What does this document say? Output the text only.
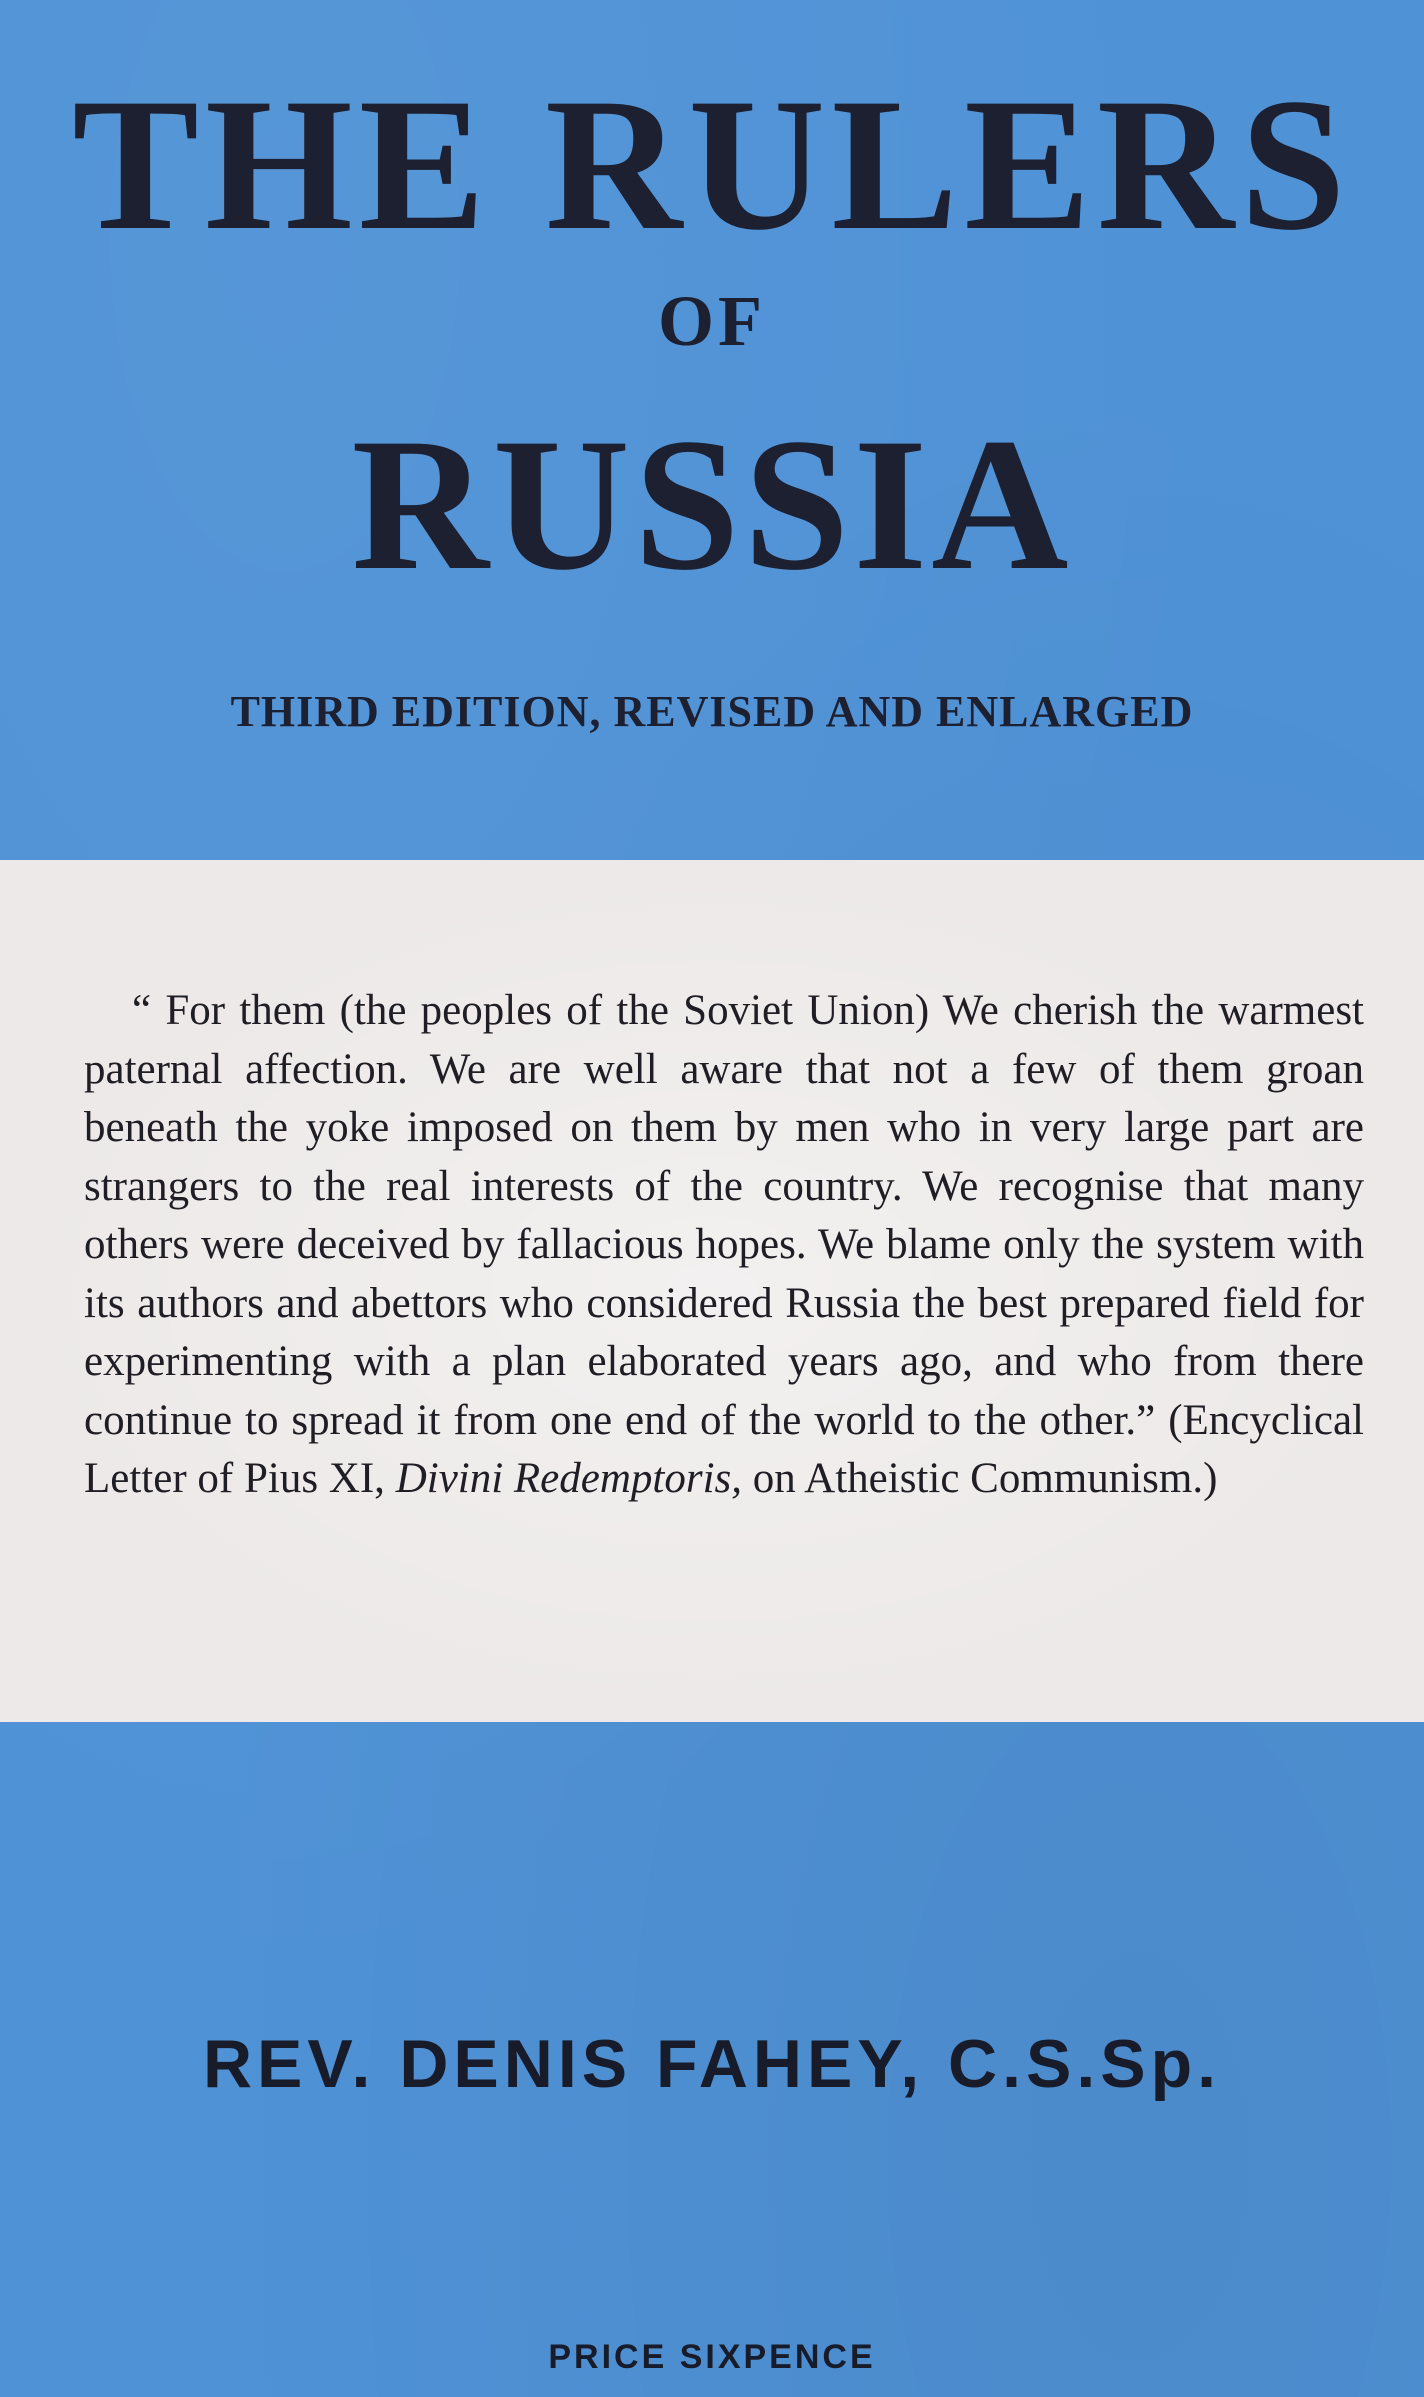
THE RULERS
OF
RUSSIA
THIRD EDITION, REVISED AND ENLARGED
“ For them (the peoples of the Soviet Union) We cherish the warmest paternal affection. We are well aware that not a few of them groan beneath the yoke imposed on them by men who in very large part are strangers to the real interests of the country. We recognise that many others were deceived by fallacious hopes. We blame only the system with its authors and abettors who considered Russia the best prepared field for experimenting with a plan elaborated years ago, and who from there continue to spread it from one end of the world to the other.” (Encyclical Letter of Pius XI, Divini Redemptoris, on Atheistic Communism.)
REV. DENIS FAHEY, C.S.Sp.
PRICE SIXPENCE
